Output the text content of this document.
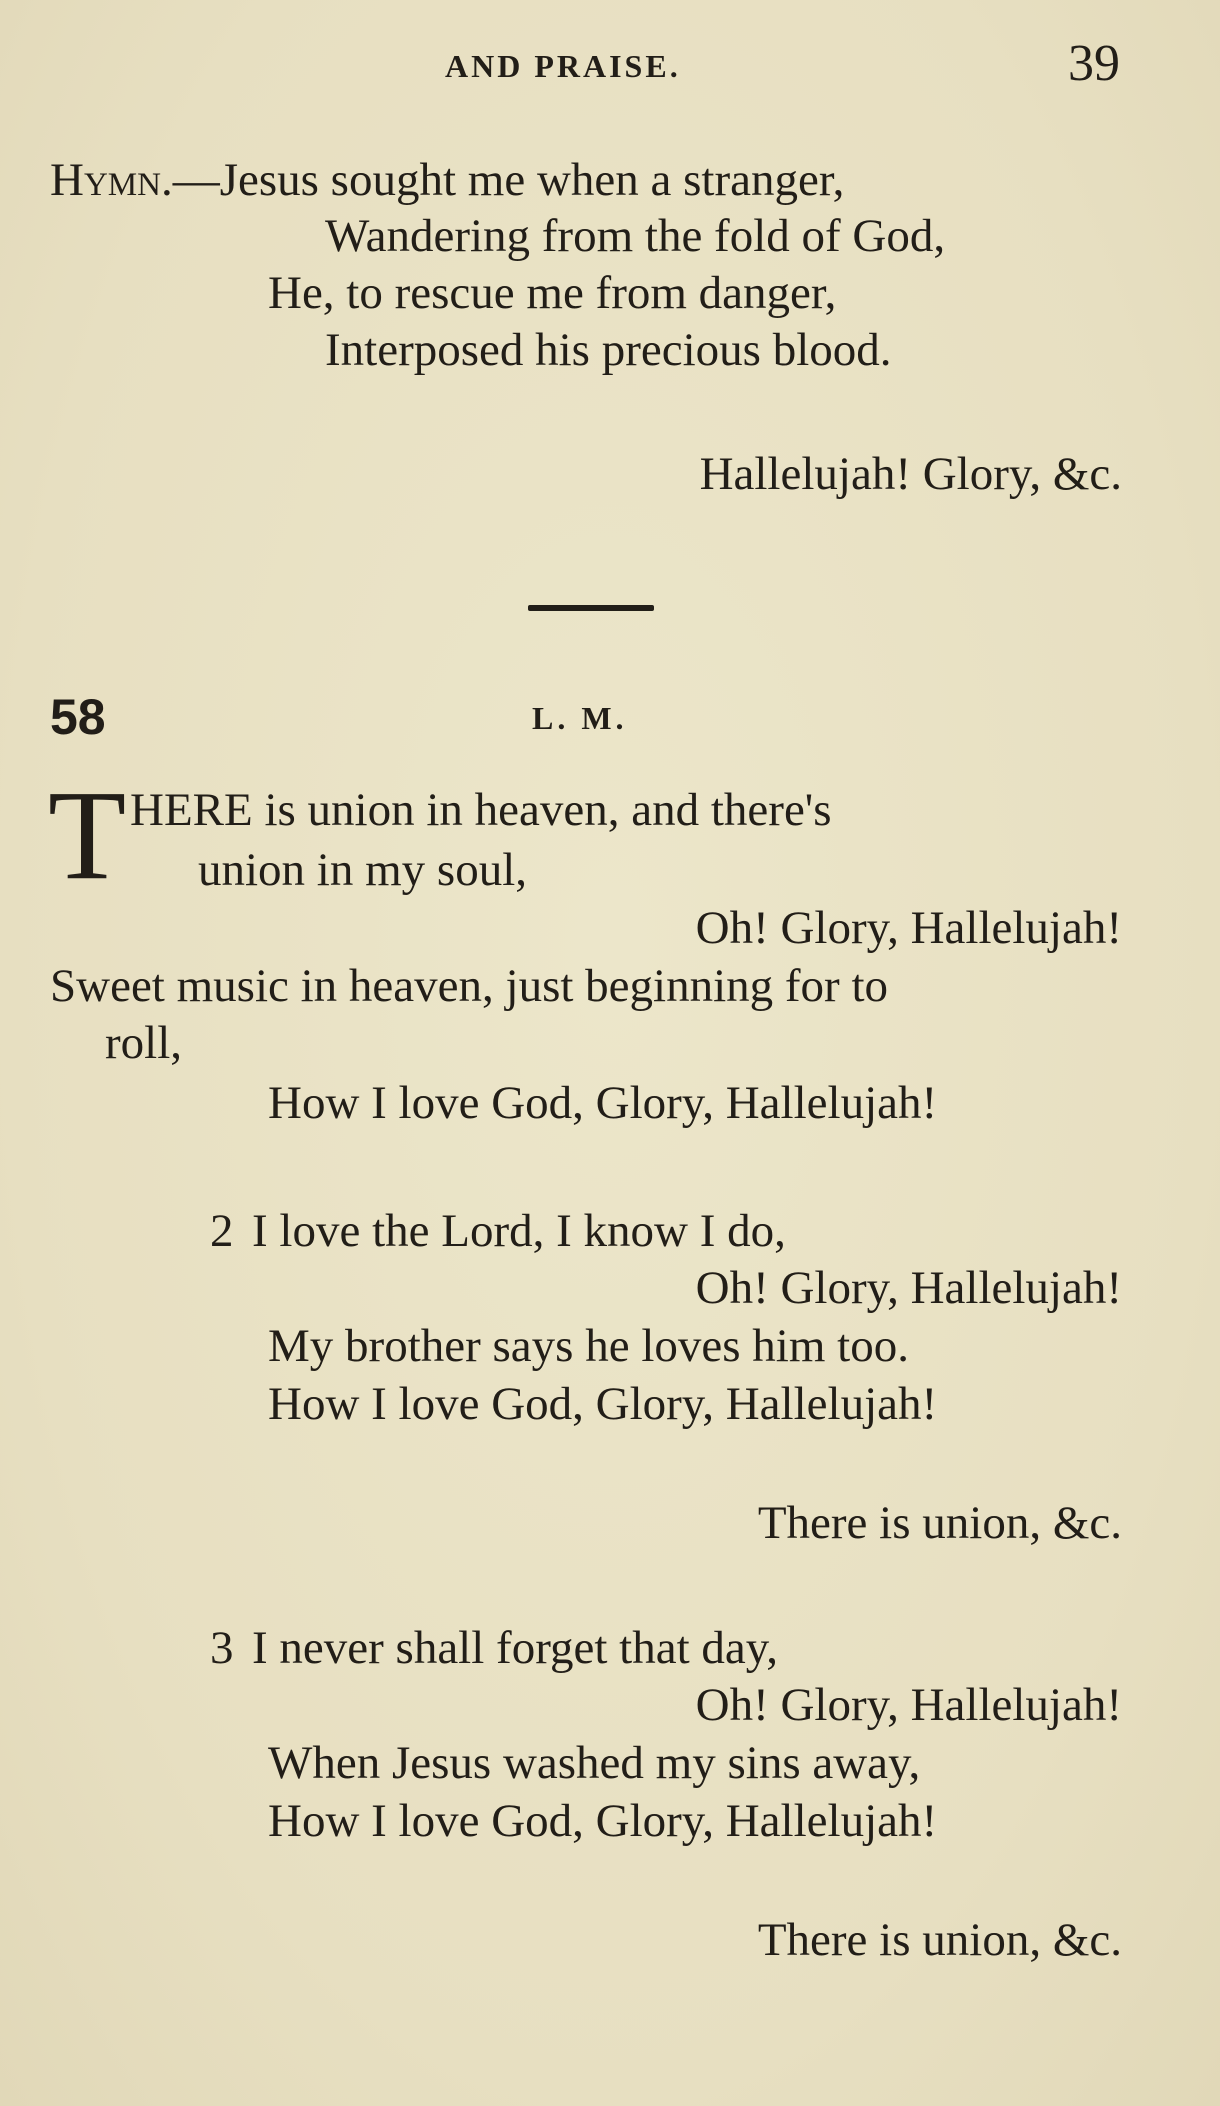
AND PRAISE.	39
Hymn.—Jesus sought me when a stranger,
Wandering from the fold of God,
He, to rescue me from danger,
Interposed his precious blood.
Hallelujah! Glory, &c.
58	L. M.
T HERE is union in heaven, and there's
union in my soul,
Oh! Glory, Hallelujah!
Sweet music in heaven, just beginning for to
roll,
How I love God, Glory, Hallelujah!
2 I love the Lord, I know I do,
Oh! Glory, Hallelujah!
My brother says he loves him too.
How I love God, Glory, Hallelujah!
There is union, &c.
3 I never shall forget that day,
Oh! Glory, Hallelujah!
When Jesus washed my sins away,
How I love God, Glory, Hallelujah!
There is union, &c.
